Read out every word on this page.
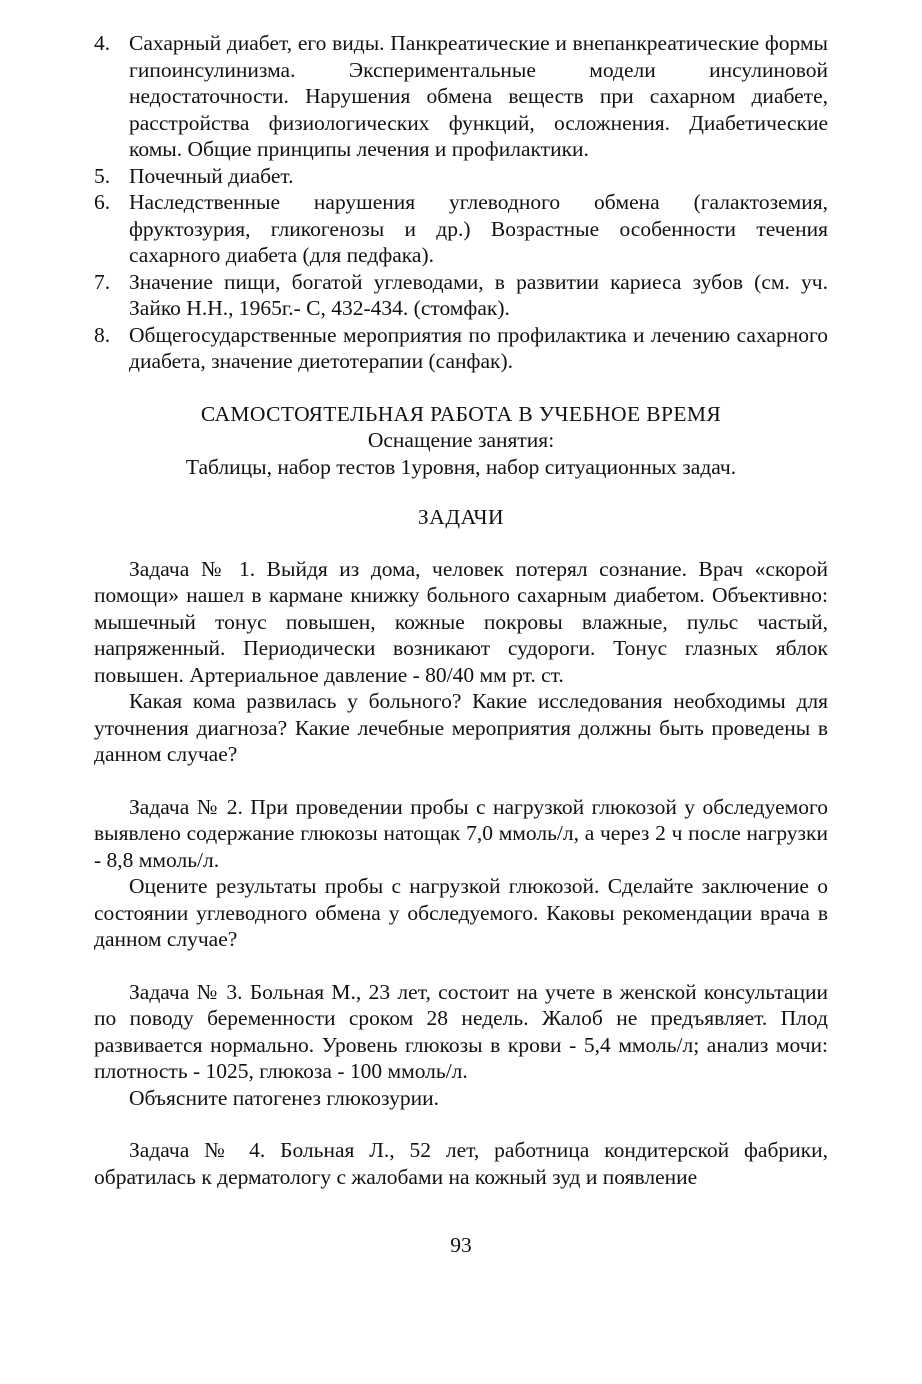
4. Сахарный диабет, его виды. Панкреатические и внепанкреатические формы гипоинсулинизма. Экспериментальные модели инсулиновой недостаточности. Нарушения обмена веществ при сахарном диабете, расстройства физиологических функций, осложнения. Диабетические комы. Общие принципы лечения и профилактики.
5. Почечный диабет.
6. Наследственные нарушения углеводного обмена (галактоземия, фруктозурия, гликогенозы и др.) Возрастные особенности течения сахарного диабета (для педфака).
7. Значение пищи, богатой углеводами, в развитии кариеса зубов (см. уч. Зайко Н.Н., 1965г.- С, 432-434. (стомфак).
8. Общегосударственные мероприятия по профилактика и лечению сахарного диабета, значение диетотерапии (санфак).

САМОСТОЯТЕЛЬНАЯ РАБОТА В УЧЕБНОЕ ВРЕМЯ

Оснащение занятия:

Таблицы, набор тестов 1уровня, набор ситуационных задач.

ЗАДАЧИ

Задача № 1. Выйдя из дома, человек потерял сознание. Врач «скорой помощи» нашел в кармане книжку больного сахарным диабетом. Объективно: мышечный тонус повышен, кожные покровы влажные, пульс частый, напряженный. Периодически возникают судороги. Тонус глазных яблок повышен. Артериальное давление - 80/40 мм рт. ст.

Какая кома развилась у больного? Какие исследования необходимы для уточнения диагноза? Какие лечебные мероприятия должны быть проведены в данном случае?

Задача № 2. При проведении пробы с нагрузкой глюкозой у обследуемого выявлено содержание глюкозы натощак 7,0 ммоль/л, а через 2 ч после нагрузки - 8,8 ммоль/л.

Оцените результаты пробы с нагрузкой глюкозой. Сделайте заключение о состоянии углеводного обмена у обследуемого. Каковы рекомендации врача в данном случае?

Задача № 3. Больная М., 23 лет, состоит на учете в женской консультации по поводу беременности сроком 28 недель. Жалоб не предъявляет. Плод развивается нормально. Уровень глюкозы в крови - 5,4 ммоль/л; анализ мочи: плотность - 1025, глюкоза - 100 ммоль/л.

Объясните патогенез глюкозурии.

Задача № 4. Больная Л., 52 лет, работница кондитерской фабрики, обратилась к дерматологу с жалобами на кожный зуд и появление

93
